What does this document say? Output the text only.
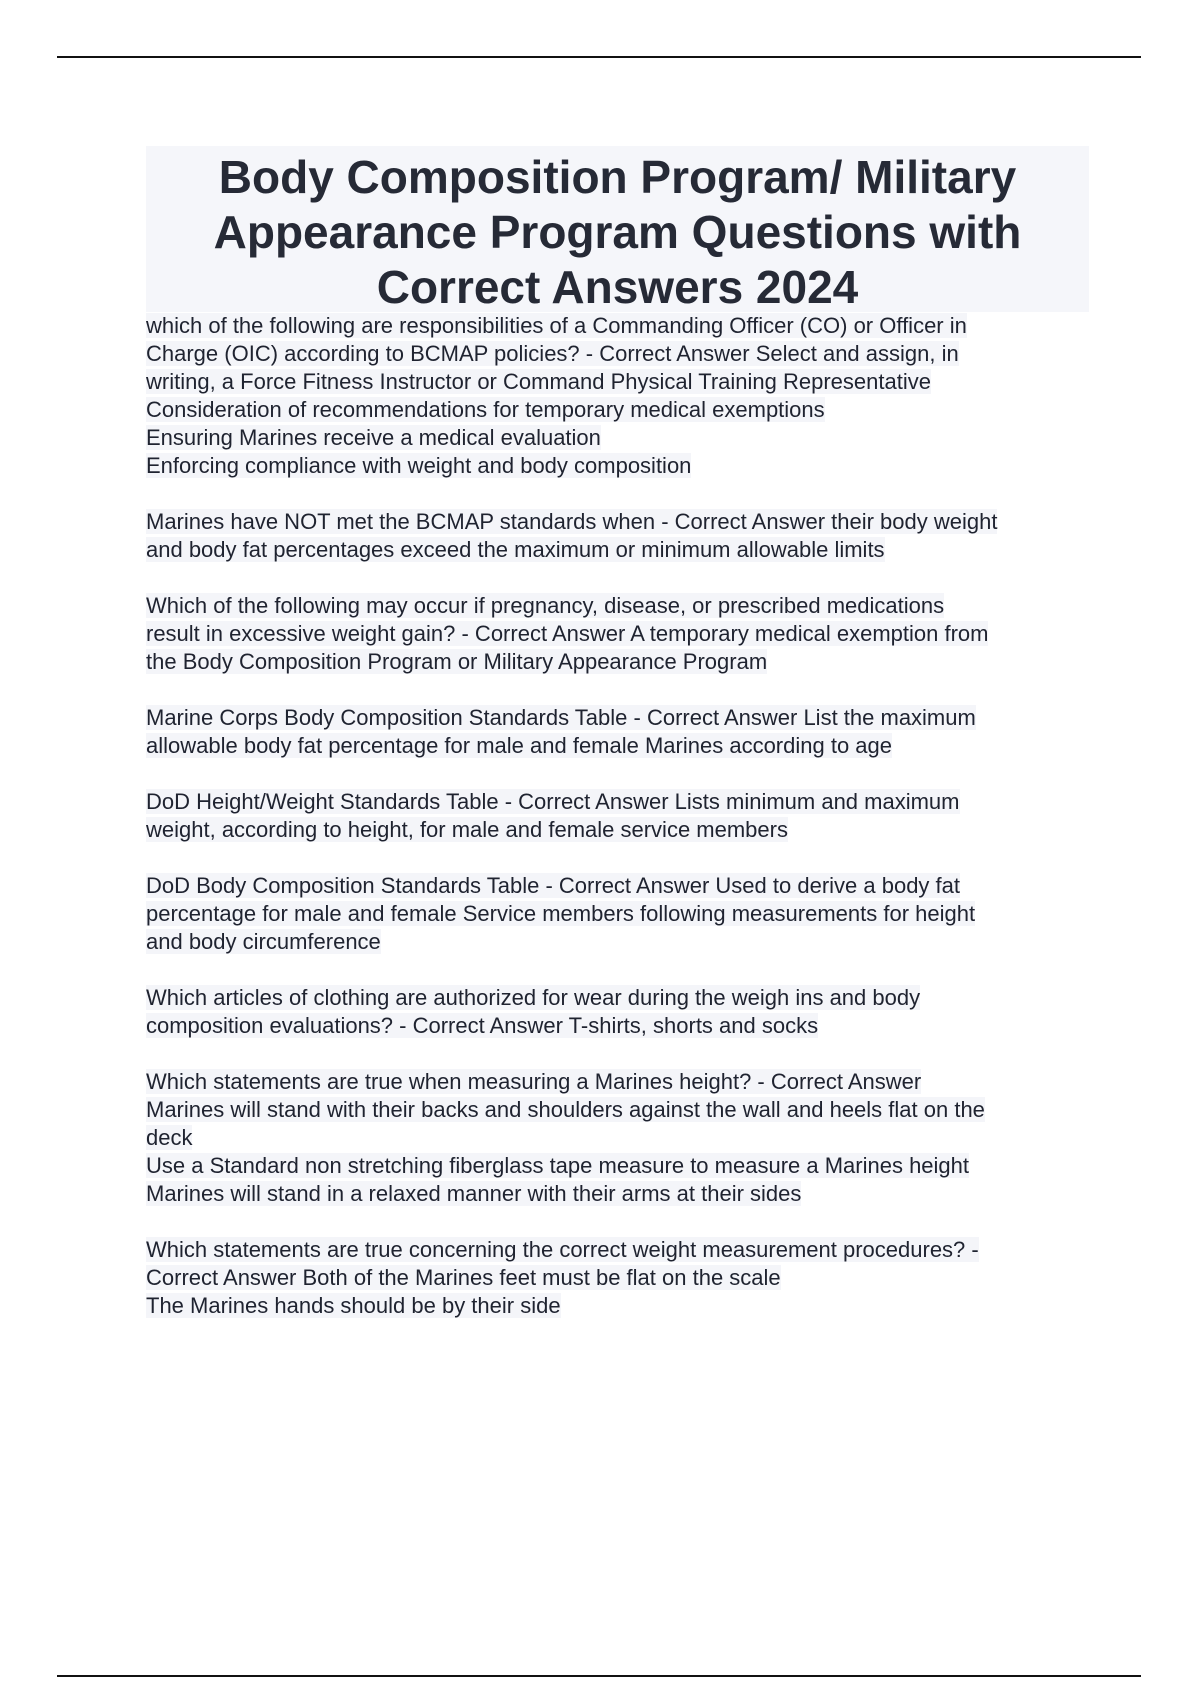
Body Composition Program/ Military Appearance Program Questions with Correct Answers 2024
which of the following are responsibilities of a Commanding Officer (CO) or Officer in
Charge (OIC) according to BCMAP policies? - Correct Answer Select and assign, in
writing, a Force Fitness Instructor or Command Physical Training Representative
Consideration of recommendations for temporary medical exemptions
Ensuring Marines receive a medical evaluation
Enforcing compliance with weight and body composition
Marines have NOT met the BCMAP standards when - Correct Answer their body weight
and body fat percentages exceed the maximum or minimum allowable limits
Which of the following may occur if pregnancy, disease, or prescribed medications
result in excessive weight gain? - Correct Answer A temporary medical exemption from
the Body Composition Program or Military Appearance Program
Marine Corps Body Composition Standards Table - Correct Answer List the maximum
allowable body fat percentage for male and female Marines according to age
DoD Height/Weight Standards Table - Correct Answer Lists minimum and maximum
weight, according to height, for male and female service members
DoD Body Composition Standards Table - Correct Answer Used to derive a body fat
percentage for male and female Service members following measurements for height
and body circumference
Which articles of clothing are authorized for wear during the weigh ins and body
composition evaluations? - Correct Answer T-shirts, shorts and socks
Which statements are true when measuring a Marines height? - Correct Answer
Marines will stand with their backs and shoulders against the wall and heels flat on the
deck
Use a Standard non stretching fiberglass tape measure to measure a Marines height
Marines will stand in a relaxed manner with their arms at their sides
Which statements are true concerning the correct weight measurement procedures? -
Correct Answer Both of the Marines feet must be flat on the scale
The Marines hands should be by their side
